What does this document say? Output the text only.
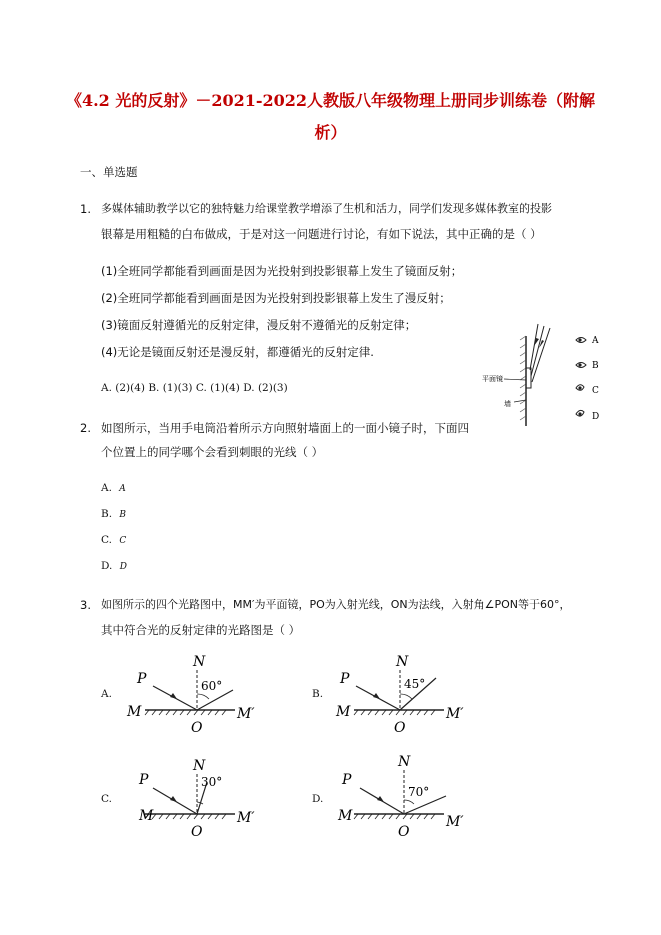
《4.2 光的反射》－2021-2022人教版八年级物理上册同步训练卷（附解
析）
一、单选题
1. 多媒体辅助教学以它的独特魅力给课堂教学增添了生机和活力，同学们发现多媒体教室的投影
银幕是用粗糙的白布做成，于是对这一问题进行讨论，有如下说法，其中正确的是（ ）
(1)全班同学都能看到画面是因为光投射到投影银幕上发生了镜面反射；
(2)全班同学都能看到画面是因为光投射到投影银幕上发生了漫反射；
(3)镜面反射遵循光的反射定律，漫反射不遵循光的反射定律；
(4)无论是镜面反射还是漫反射，都遵循光的反射定律.
A. (2)(4) B. (1)(3) C. (1)(4) D. (2)(3)
平面镜
墙
A
B
C
D
2. 如图所示，当用手电筒沿着所示方向照射墙面上的一面小镜子时，下面四
个位置上的同学哪个会看到刺眼的光线（ ）
A. A
B. B
C. C
D. D
3. 如图所示的四个光路图中，MM′为平面镜，PO为入射光线，ON为法线，入射角∠PON等于60°，
其中符合光的反射定律的光路图是（ ）
A.	B.
C.	D.
N
P
M	M′
O
60°
N
P
M	M′
O
45°
N
P
M	M′
O
30°
N
P
M	M′
O
70°
